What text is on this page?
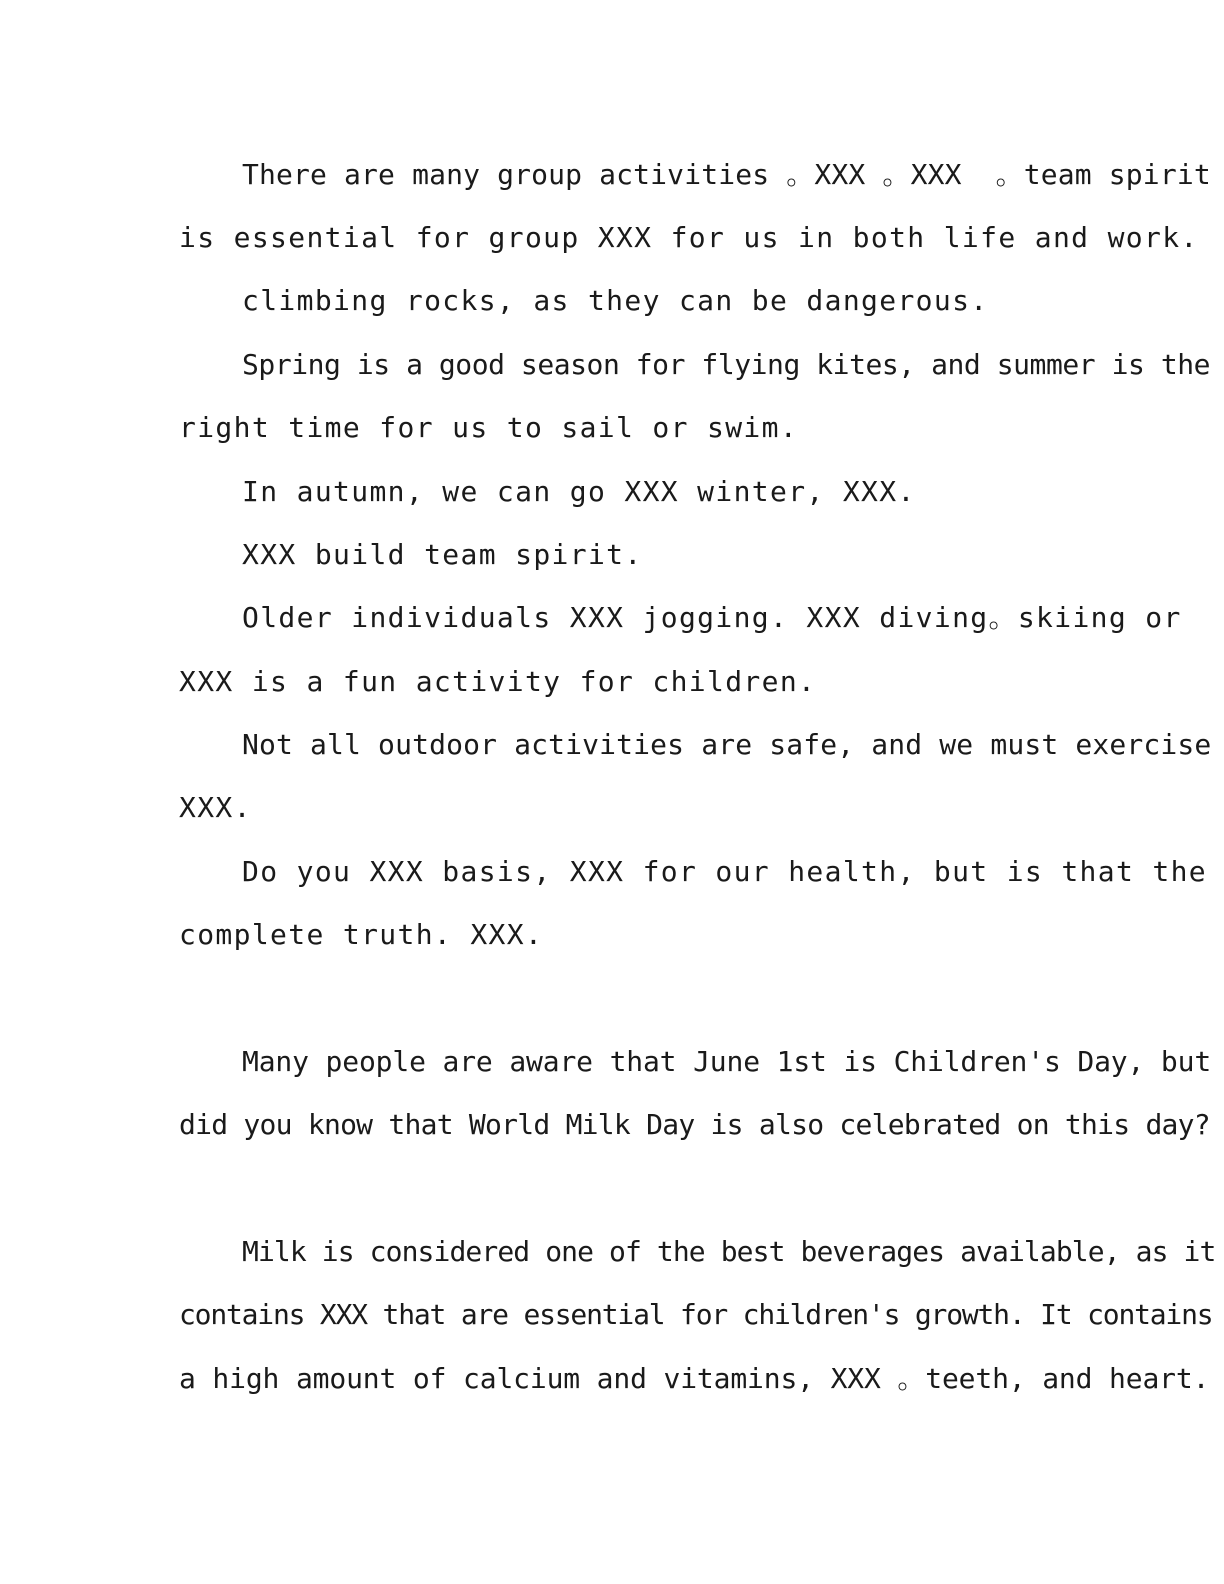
There are many group activities 。XXX 。XXX  。team spirit
is essential for group XXX for us in both life and work.
climbing rocks, as they can be dangerous.
Spring is a good season for flying kites, and summer is the
right time for us to sail or swim.
In autumn, we can go XXX winter, XXX.
XXX build team spirit.
Older individuals XXX jogging. XXX diving。skiing or
XXX is a fun activity for children.
Not all outdoor activities are safe, and we must exercise
XXX.
Do you XXX basis, XXX for our health, but is that the
complete truth. XXX.
Many people are aware that June 1st is Children's Day, but
did you know that World Milk Day is also celebrated on this day?
Milk is considered one of the best beverages available, as it
contains XXX that are essential for children's growth. It contains
a high amount of calcium and vitamins, XXX 。teeth, and heart.
